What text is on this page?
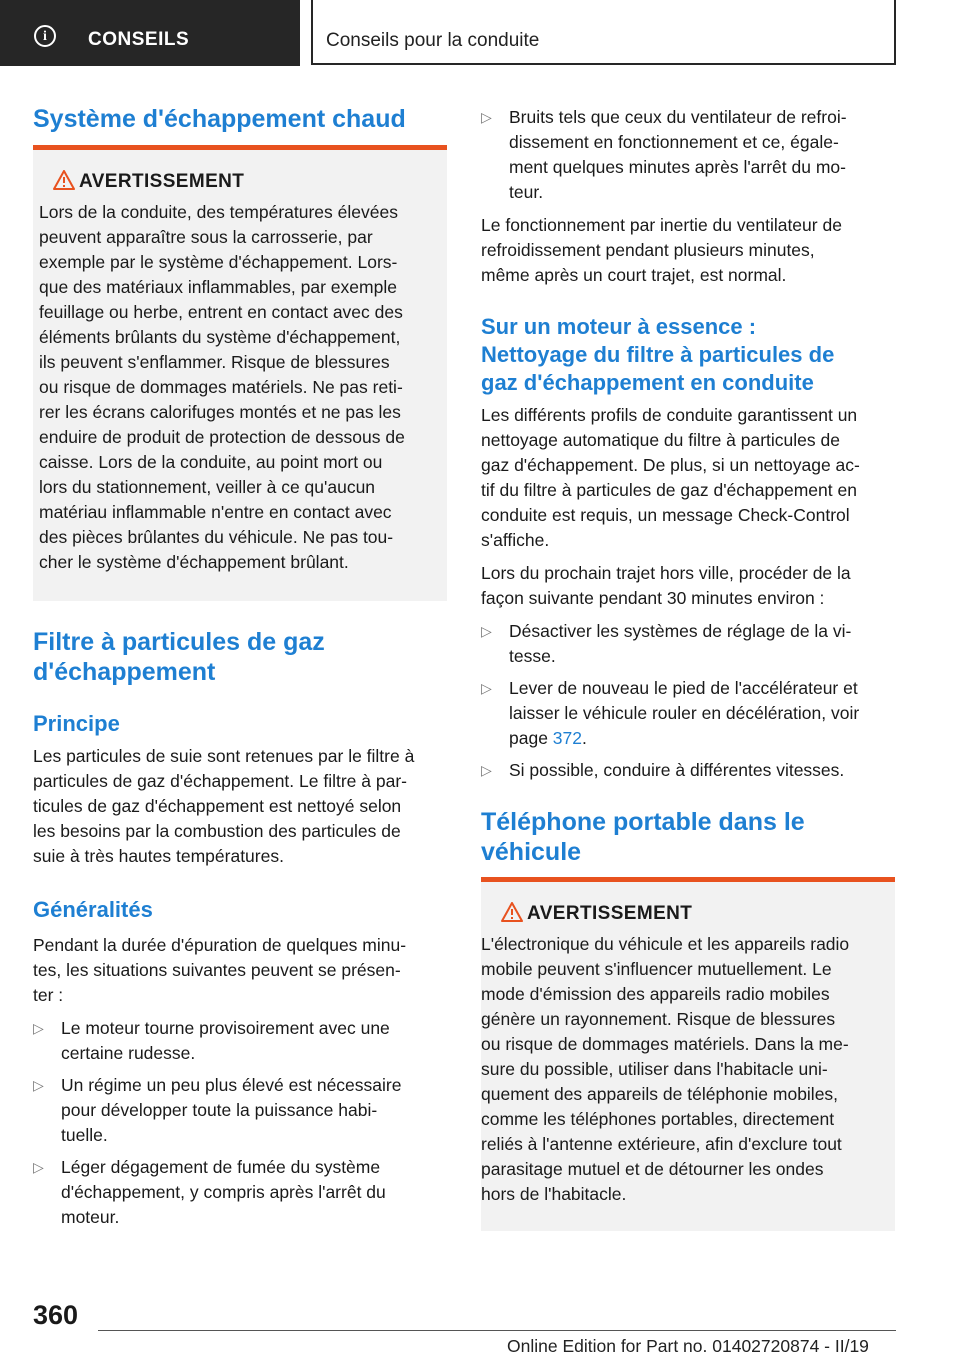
i	CONSEILS	Conseils pour la conduite
Système d'échappement chaud
AVERTISSEMENT
Lors de la conduite, des températures élevées
peuvent apparaître sous la carrosserie, par
exemple par le système d'échappement. Lors-
que des matériaux inflammables, par exemple
feuillage ou herbe, entrent en contact avec des
éléments brûlants du système d'échappement,
ils peuvent s'enflammer. Risque de blessures
ou risque de dommages matériels. Ne pas reti-
rer les écrans calorifuges montés et ne pas les
enduire de produit de protection de dessous de
caisse. Lors de la conduite, au point mort ou
lors du stationnement, veiller à ce qu'aucun
matériau inflammable n'entre en contact avec
des pièces brûlantes du véhicule. Ne pas tou-
cher le système d'échappement brûlant.
Filtre à particules de gaz
d'échappement
Principe
Les particules de suie sont retenues par le filtre à
particules de gaz d'échappement. Le filtre à par-
ticules de gaz d'échappement est nettoyé selon
les besoins par la combustion des particules de
suie à très hautes températures.
Généralités
Pendant la durée d'épuration de quelques minu-
tes, les situations suivantes peuvent se présen-
ter :
▷ Le moteur tourne provisoirement avec une
certaine rudesse.
▷ Un régime un peu plus élevé est nécessaire
pour développer toute la puissance habi-
tuelle.
▷ Léger dégagement de fumée du système
d'échappement, y compris après l'arrêt du
moteur.
▷ Bruits tels que ceux du ventilateur de refroi-
dissement en fonctionnement et ce, égale-
ment quelques minutes après l'arrêt du mo-
teur.
Le fonctionnement par inertie du ventilateur de
refroidissement pendant plusieurs minutes,
même après un court trajet, est normal.
Sur un moteur à essence :
Nettoyage du filtre à particules de
gaz d'échappement en conduite
Les différents profils de conduite garantissent un
nettoyage automatique du filtre à particules de
gaz d'échappement. De plus, si un nettoyage ac-
tif du filtre à particules de gaz d'échappement en
conduite est requis, un message Check-Control
s'affiche.
Lors du prochain trajet hors ville, procéder de la
façon suivante pendant 30 minutes environ :
▷ Désactiver les systèmes de réglage de la vi-
tesse.
▷ Lever de nouveau le pied de l'accélérateur et
laisser le véhicule rouler en décélération, voir
page 372.
▷ Si possible, conduire à différentes vitesses.
Téléphone portable dans le
véhicule
AVERTISSEMENT
L'électronique du véhicule et les appareils radio
mobile peuvent s'influencer mutuellement. Le
mode d'émission des appareils radio mobiles
génère un rayonnement. Risque de blessures
ou risque de dommages matériels. Dans la me-
sure du possible, utiliser dans l'habitacle uni-
quement des appareils de téléphonie mobiles,
comme les téléphones portables, directement
reliés à l'antenne extérieure, afin d'exclure tout
parasitage mutuel et de détourner les ondes
hors de l'habitacle.
360
Online Edition for Part no. 01402720874 - II/19
